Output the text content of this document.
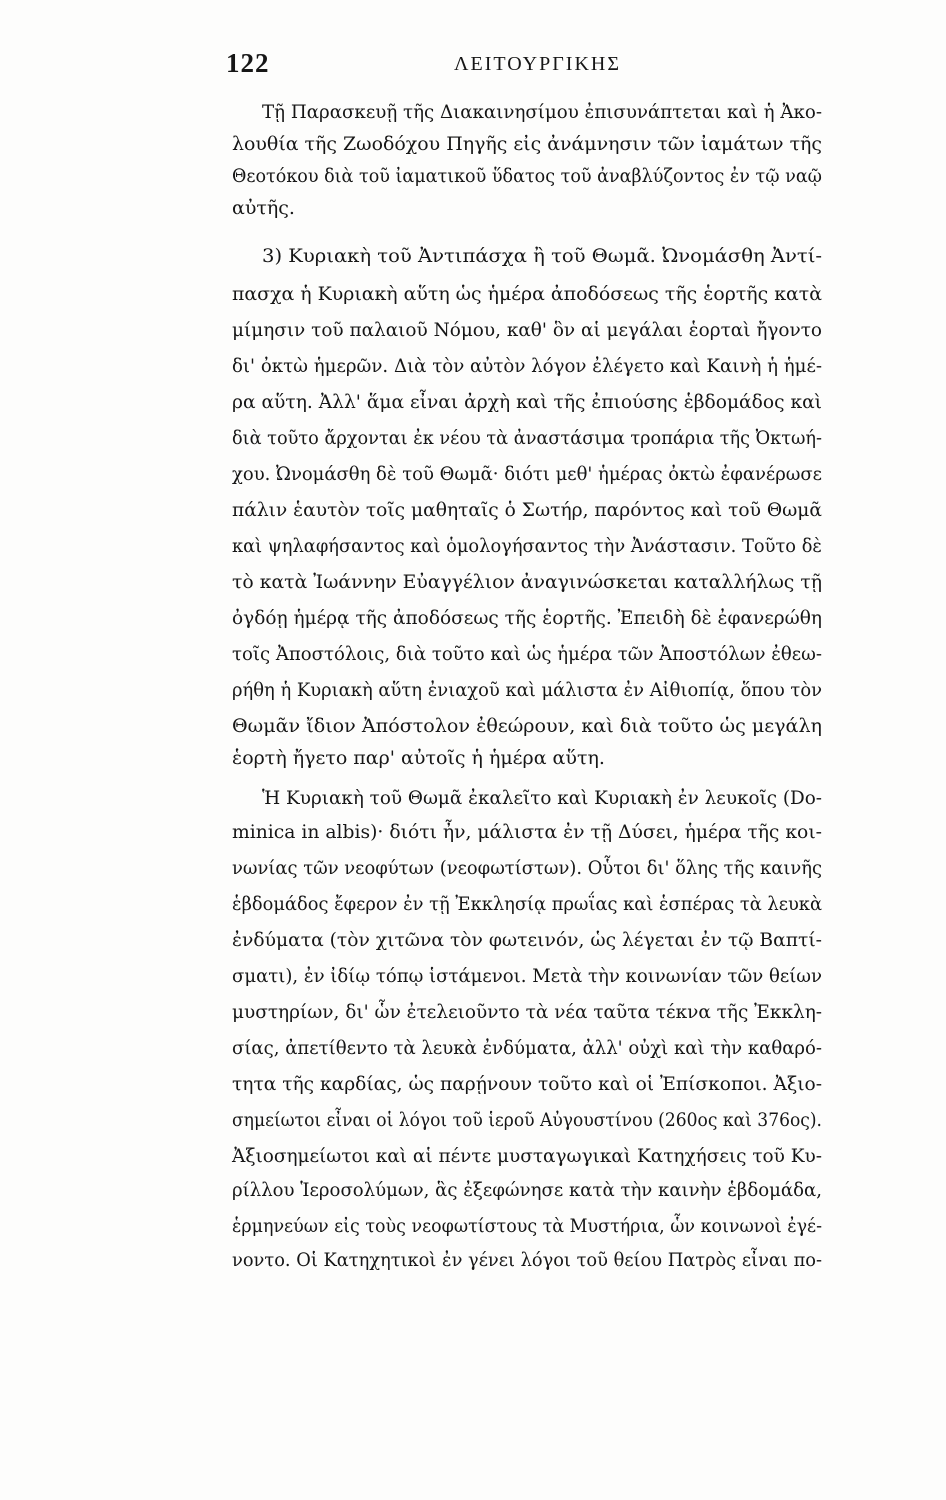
122	ΛΕΙΤΟΥΡΓΙΚΗΣ
Τῇ Παρασκευῇ τῆς Διακαινησίμου ἐπισυνάπτεται καὶ ἡ Ἀκο-
λουθία τῆς Ζωοδόχου Πηγῆς εἰς ἀνάμνησιν τῶν ἰαμάτων τῆς
Θεοτόκου διὰ τοῦ ἰαματικοῦ ὕδατος τοῦ ἀναβλύζοντος ἐν τῷ ναῷ
αὐτῆς.
3) Κυριακὴ τοῦ Ἀντιπάσχα ἢ τοῦ Θωμᾶ. Ὠνομάσθη Ἀντί-
πασχα ἡ Κυριακὴ αὕτη ὡς ἡμέρα ἀποδόσεως τῆς ἑορτῆς κατὰ
μίμησιν τοῦ παλαιοῦ Νόμου, καθ' ὃν αἱ μεγάλαι ἑορταὶ ἤγοντο
δι' ὀκτὼ ἡμερῶν. Διὰ τὸν αὐτὸν λόγον ἐλέγετο καὶ Καινὴ ἡ ἡμέ-
ρα αὕτη. Ἀλλ' ἅμα εἶναι ἀρχὴ καὶ τῆς ἐπιούσης ἑβδομάδος καὶ
διὰ τοῦτο ἄρχονται ἐκ νέου τὰ ἀναστάσιμα τροπάρια τῆς Ὀκτωή-
χου. Ὠνομάσθη δὲ τοῦ Θωμᾶ· διότι μεθ' ἡμέρας ὀκτὼ ἐφανέρωσε
πάλιν ἑαυτὸν τοῖς μαθηταῖς ὁ Σωτήρ, παρόντος καὶ τοῦ Θωμᾶ
καὶ ψηλαφήσαντος καὶ ὁμολογήσαντος τὴν Ἀνάστασιν. Τοῦτο δὲ
τὸ κατὰ Ἰωάννην Εὐαγγέλιον ἀναγινώσκεται καταλλήλως τῇ
ὀγδόῃ ἡμέρᾳ τῆς ἀποδόσεως τῆς ἑορτῆς. Ἐπειδὴ δὲ ἐφανερώθη
τοῖς Ἀποστόλοις, διὰ τοῦτο καὶ ὡς ἡμέρα τῶν Ἀποστόλων ἐθεω-
ρήθη ἡ Κυριακὴ αὕτη ἐνιαχοῦ καὶ μάλιστα ἐν Αἰθιοπίᾳ, ὅπου τὸν
Θωμᾶν ἴδιον Ἀπόστολον ἐθεώρουν, καὶ διὰ τοῦτο ὡς μεγάλη
ἑορτὴ ἤγετο παρ' αὐτοῖς ἡ ἡμέρα αὕτη.
Ἡ Κυριακὴ τοῦ Θωμᾶ ἐκαλεῖτο καὶ Κυριακὴ ἐν λευκοῖς (Do-
minica in albis)· διότι ἦν, μάλιστα ἐν τῇ Δύσει, ἡμέρα τῆς κοι-
νωνίας τῶν νεοφύτων (νεοφωτίστων). Οὗτοι δι' ὅλης τῆς καινῆς
ἑβδομάδος ἔφερον ἐν τῇ Ἐκκλησίᾳ πρωΐας καὶ ἑσπέρας τὰ λευκὰ
ἐνδύματα (τὸν χιτῶνα τὸν φωτεινόν, ὡς λέγεται ἐν τῷ Βαπτί-
σματι), ἐν ἰδίῳ τόπῳ ἱστάμενοι. Μετὰ τὴν κοινωνίαν τῶν θείων
μυστηρίων, δι' ὧν ἐτελειοῦντο τὰ νέα ταῦτα τέκνα τῆς Ἐκκλη-
σίας, ἀπετίθεντο τὰ λευκὰ ἐνδύματα, ἀλλ' οὐχὶ καὶ τὴν καθαρό-
τητα τῆς καρδίας, ὡς παρῄνουν τοῦτο καὶ οἱ Ἐπίσκοποι. Ἀξιο-
σημείωτοι εἶναι οἱ λόγοι τοῦ ἱεροῦ Αὐγουστίνου (260ος καὶ 376ος).
Ἀξιοσημείωτοι καὶ αἱ πέντε μυσταγωγικαὶ Κατηχήσεις τοῦ Κυ-
ρίλλου Ἱεροσολύμων, ἃς ἐξεφώνησε κατὰ τὴν καινὴν ἑβδομάδα,
ἑρμηνεύων εἰς τοὺς νεοφωτίστους τὰ Μυστήρια, ὧν κοινωνοὶ ἐγέ-
νοντο. Οἱ Κατηχητικοὶ ἐν γένει λόγοι τοῦ θείου Πατρὸς εἶναι πο-
